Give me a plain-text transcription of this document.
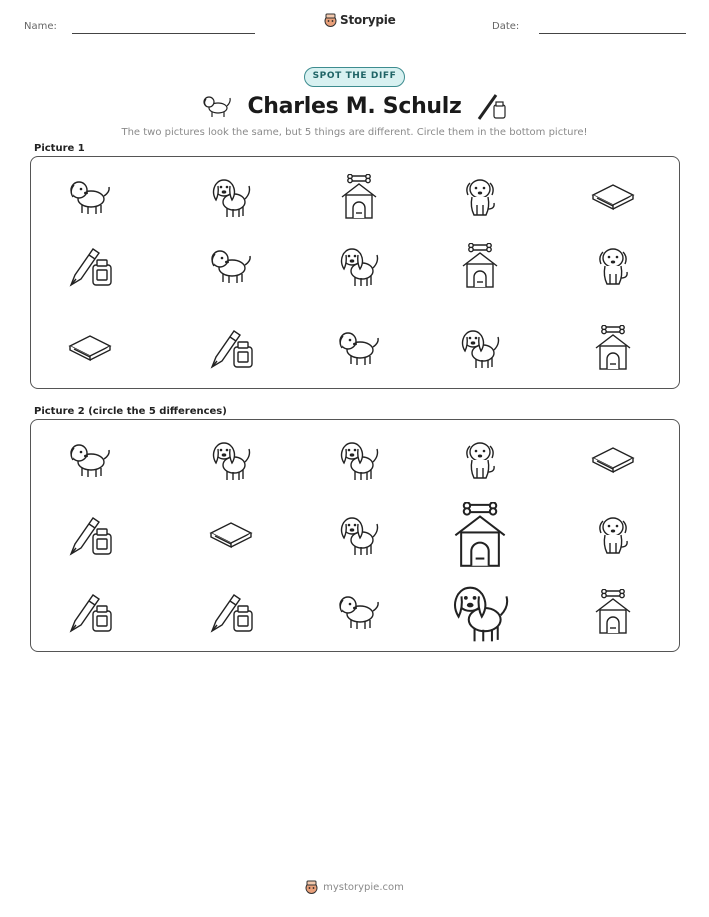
Name:	Storypie	Date:
SPOT THE DIFF
Charles M. Schulz
The two pictures look the same, but 5 things are different. Circle them in the bottom picture!
Picture 1
Picture 2 (circle the 5 differences)
mystorypie.com
